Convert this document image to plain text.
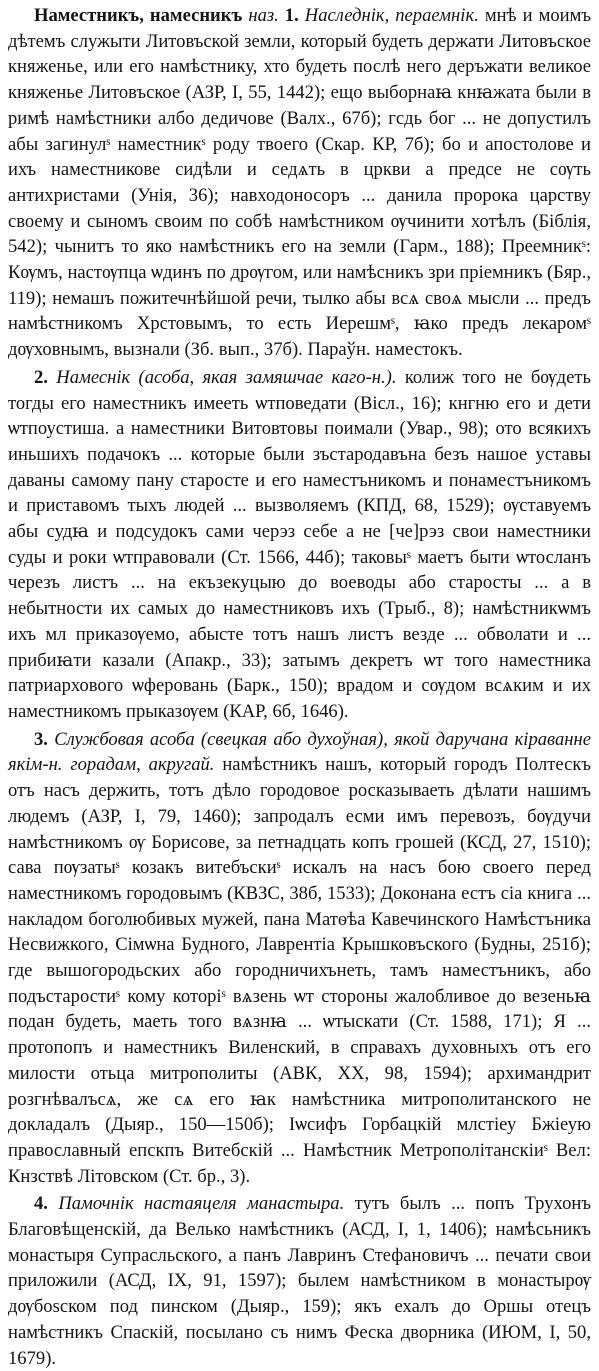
Наместникъ, намесникъ наз. 1. Наследнік, пераемнік. мнѣ и моимъ дѣтемъ служыти Литовъской земли, который будеть держати Литовъское княженье, или его намѣстнику, хто будеть послѣ него деръжати великое княженье Литовъское (АЗР, I, 55, 1442); ещо выборнаꙗ кнꙗжата были в римѣ намѣстники албо дедичове (Валх., 67б); гсдь бог ... не допустилъ абы загинулˢ наместникˢ роду твоего (Скар. КР, 7б); бо и апостолове и ихъ наместникове сидѣли и седѧть в цркви а предсе не сѹть антихристами (Унія, 36); навходоносоръ ... данила пророка царству своему и сыномъ своим по собѣ намѣстником ѹчинити хотѣлъ (Біблія, 542); чынитъ то яко намѣстникъ его на земли (Гарм., 188); Преемникˢ: Кѹмъ, настѹпца ѡдинъ по дрѹгом, или намѣсникъ зри пріемникъ (Бяр., 119); немашъ пожитечнѣйшой речи, тылко абы всѧ своѧ мысли ... предъ намѣстникомъ Хрстовымъ, то есть Иерешмˢ, ꙗко предъ лекаромˢ дѹховнымъ, вызнали (Зб. вып., 37б). Параўн. наместокъ.

2. Намеснік (асоба, якая замяшчае каго-н.). колиж того не бѹдеть тогды его наместникъ имееть ѡтповедати (Вісл., 16); кнгню его и дети ѡтпоустиша. а наместники Витовтовы поимали (Увар., 98); ото всякихъ иньшихъ подачокъ ... которые были зъстародавъна безъ нашое уставы даваны самому пану старосте и его наместъникомъ и понаместъникомъ и приставомъ тыхъ людей ... вызволяемъ (КПД, 68, 1529); ѹставуемъ абы судꙗ и подсудокъ сами черэз себе а не [че]рэз свои наместники суды и роки ѡтправовали (Ст. 1566, 44б); таковыˢ маетъ быти ѡтосланъ черезъ листъ ... на екъзекуцыю до воеводы або старосты ... а в небытности их самых до наместниковъ ихъ (Трыб., 8); намѣстникѡмъ ихъ мл приказѹемо, абысте тотъ нашъ листъ везде ... обволати и ... прибиꙗти казали (Апакр., 33); затымъ декретъ ѡт того наместника патриархового ѡферовань (Барк., 150); врадом и сѹдом всѧким и их наместникомъ прыказѹем (КАР, 6б, 1646).

3. Службовая асоба (свецкая або духоўная), якой даручана кіраванне якім-н. горадам, акругай. намѣстникъ нашъ, который городъ Полтескъ отъ насъ держить, тотъ дѣло городовое росказываеть дѣлати нашимъ людемъ (АЗР, I, 79, 1460); запродалъ есми имъ перевозъ, бѹдучи намѣстникомъ ѹ Борисове, за петнадцать копъ грошей (КСД, 27, 1510); сава пѹзатыˢ козакъ витебъскиˢ искалъ на насъ бою своего перед наместникомъ городовымъ (КВЗС, 38б, 1533); Доконана естъ сіа книга ... накладом боголюбивых мужей, пана Матѳѣа Кавечинского Намѣстъника Несвижкого, Сімѡна Будного, Лаврентіа Крышковъского (Будны, 251б); где вышогородьских або городничихънеть, тамъ наместъникъ, або подъстаростиˢ кому которіˢ вѧзень ѡт стороны жалобливое до везеньꙗ подан будеть, маеть того вѧзнꙗ ... ѡтыскати (Ст. 1588, 171); Я ... протопопъ и наместникъ Виленский, в справахъ духовныхъ отъ его милости отьца митрополиты (АВК, XX, 98, 1594); архимандрит розгнѣвалъсѧ, же сѧ его ꙗк намѣстника митрополитанского не докладалъ (Дыяр., 150—150б); Іѡсифъ Горбацкій млстіеу Бжіеую православный епскпъ Витебскій ... Намѣстник Метрополітанскіиˢ Вел: Кнзствѣ Літовском (Ст. бр., 3).

4. Памочнік настаяцеля манастыра. тутъ былъ ... попъ Трухонъ Благовѣщенскій, да Велько намѣстникъ (АСД, I, 1, 1406); намѣсьникъ монастыря Супрасльского, а панъ Лавринъ Стефановичъ ... печати свои приложили (АСД, IX, 91, 1597); былем намѣстником в монастырѹ дѹбоѕском под пинском (Дыяр., 159); якъ ехалъ до Оршы отецъ намѣстникъ Спаскій, посылано съ нимъ Феска дворника (ИЮМ, I, 50, 1679).
